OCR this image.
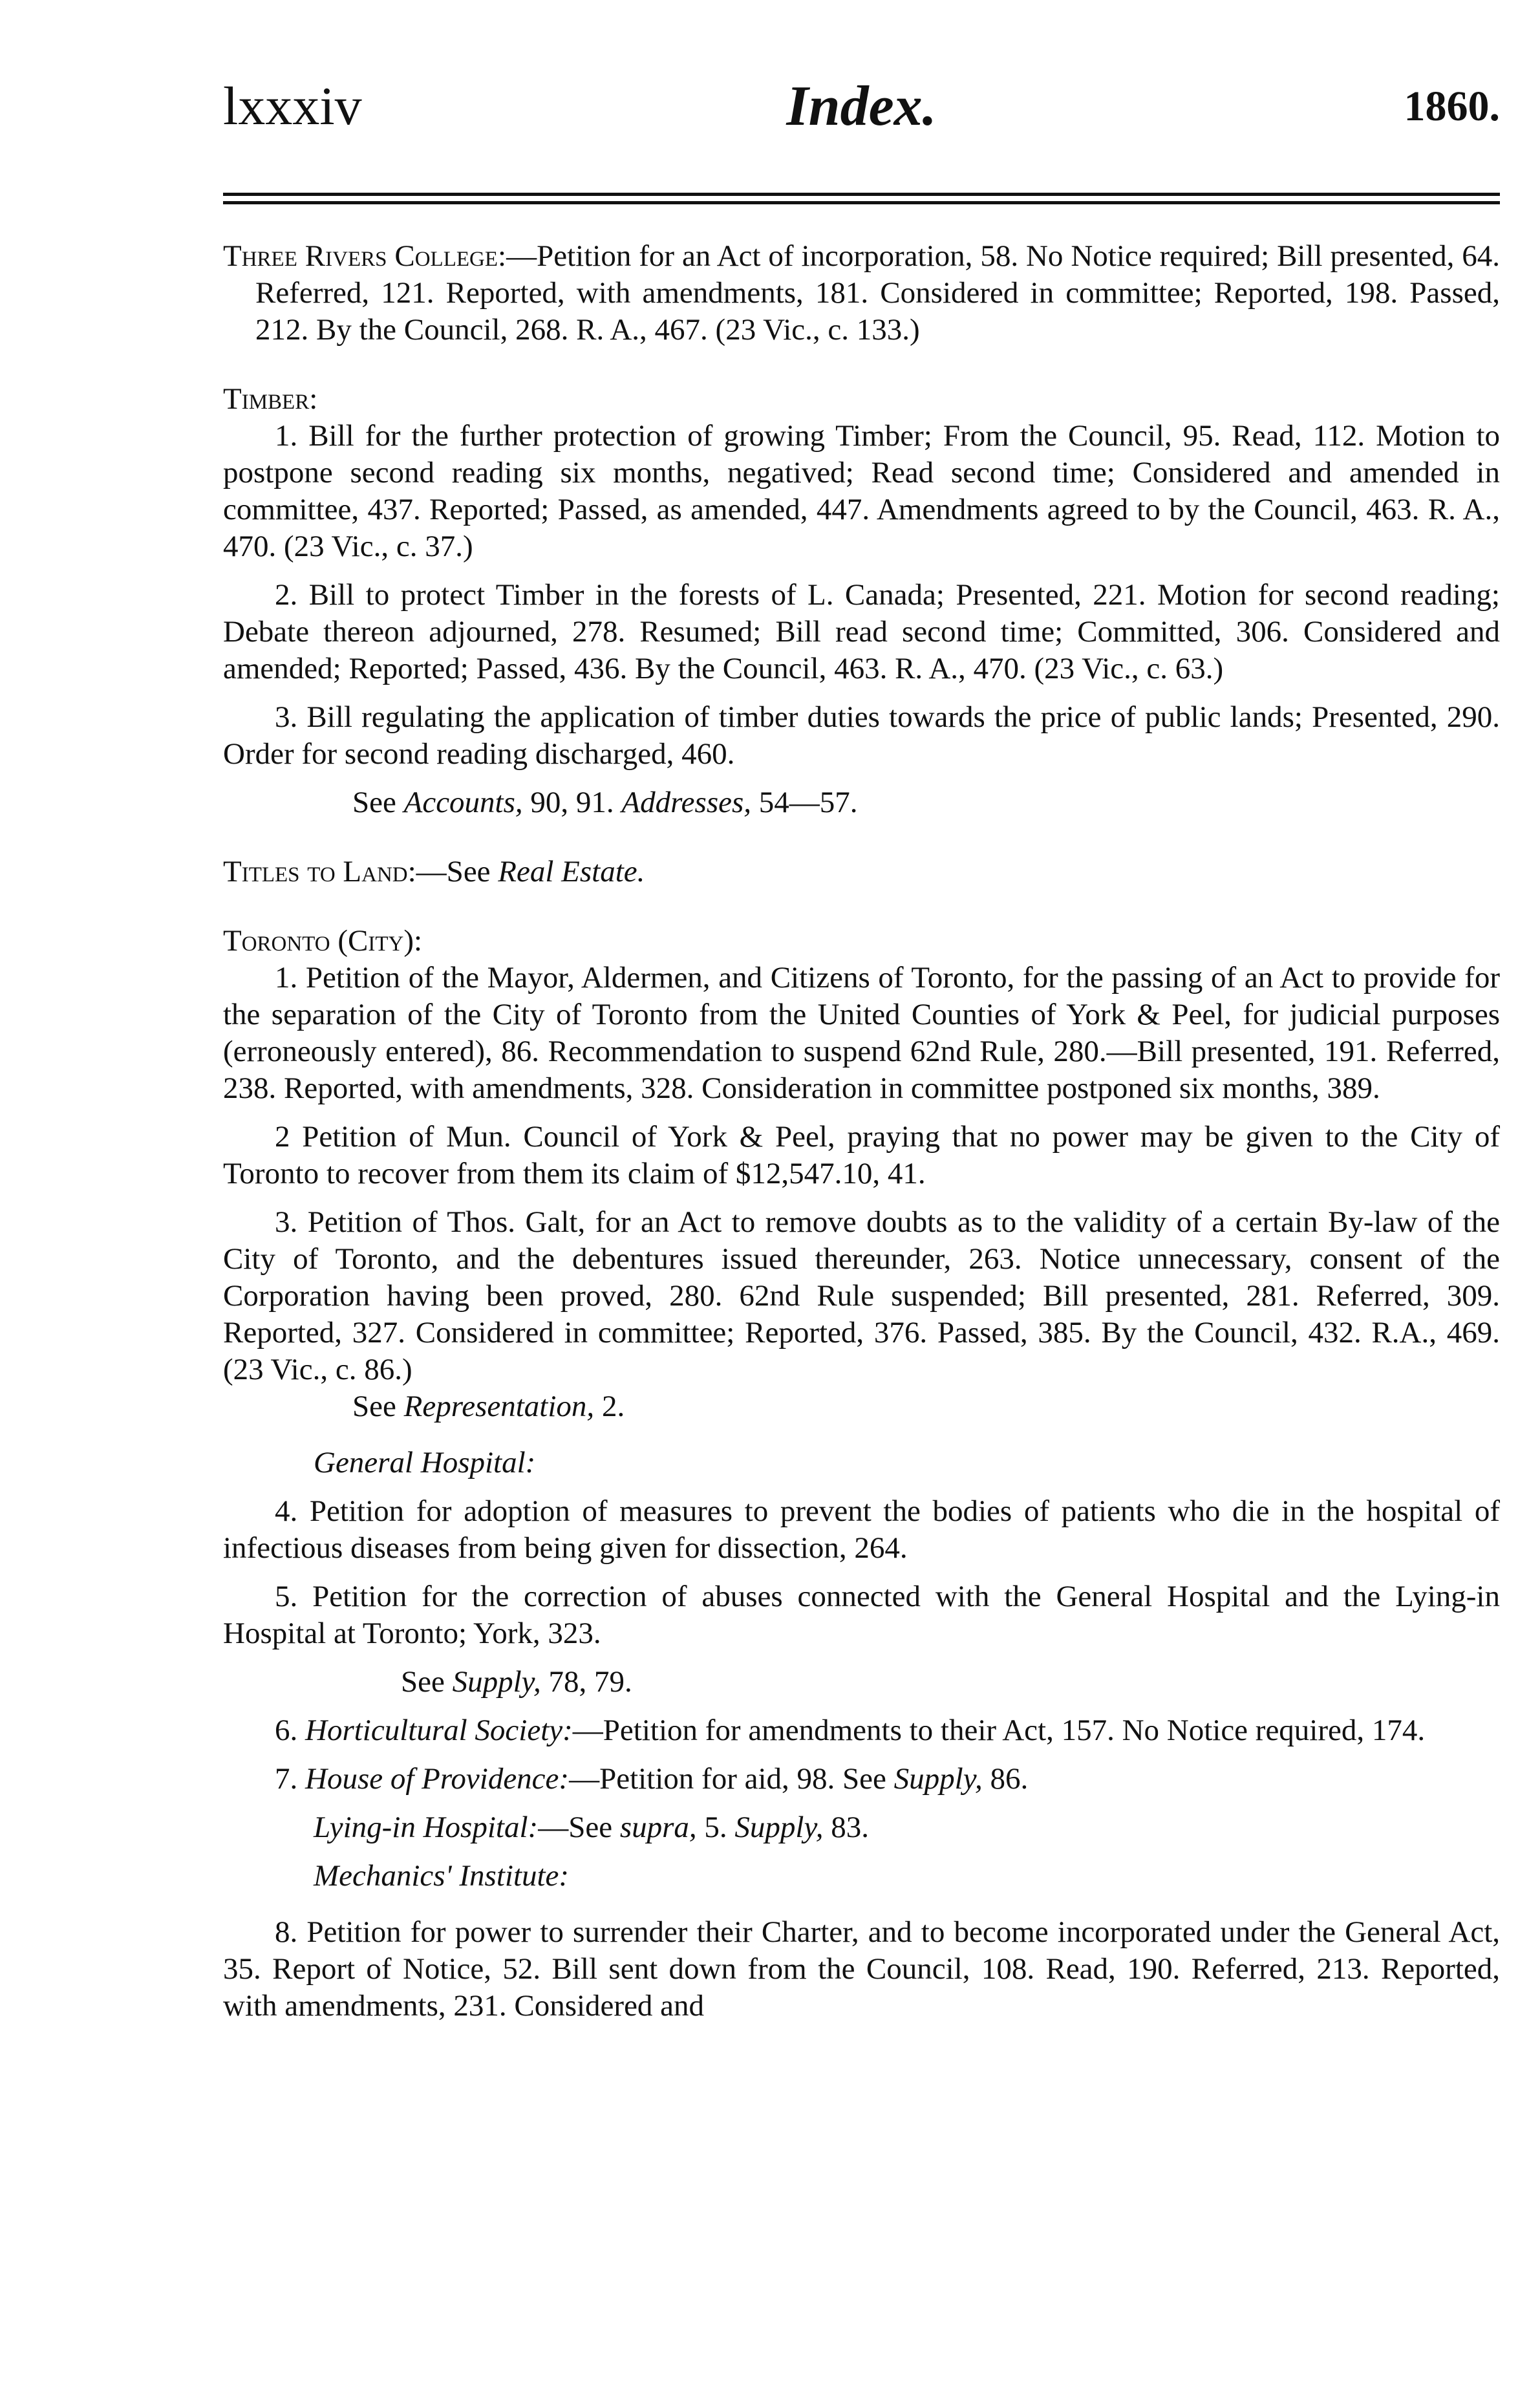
lxxxiv	Index.	1860.

Three Rivers College:—Petition for an Act of incorporation, 58. No Notice required; Bill presented, 64. Referred, 121. Reported, with amendments, 181. Considered in committee; Reported, 198. Passed, 212. By the Council, 268. R. A., 467. (23 Vic., c. 133.)

Timber:

1. Bill for the further protection of growing Timber; From the Council, 95. Read, 112. Motion to postpone second reading six months, negatived; Read second time; Considered and amended in committee, 437. Reported; Passed, as amended, 447. Amendments agreed to by the Council, 463. R. A., 470. (23 Vic., c. 37.)

2. Bill to protect Timber in the forests of L. Canada; Presented, 221. Motion for second reading; Debate thereon adjourned, 278. Resumed; Bill read second time; Committed, 306. Considered and amended; Reported; Passed, 436. By the Council, 463. R. A., 470. (23 Vic., c. 63.)

3. Bill regulating the application of timber duties towards the price of public lands; Presented, 290. Order for second reading discharged, 460.

See Accounts, 90, 91. Addresses, 54—57.

Titles to Land:—See Real Estate.

Toronto (City):

1. Petition of the Mayor, Aldermen, and Citizens of Toronto, for the passing of an Act to provide for the separation of the City of Toronto from the United Counties of York & Peel, for judicial purposes (erroneously entered), 86. Recommendation to suspend 62nd Rule, 280.—Bill presented, 191. Referred, 238. Reported, with amendments, 328. Consideration in committee postponed six months, 389.

2 Petition of Mun. Council of York & Peel, praying that no power may be given to the City of Toronto to recover from them its claim of $12,547.10, 41.

3. Petition of Thos. Galt, for an Act to remove doubts as to the validity of a certain By-law of the City of Toronto, and the debentures issued thereunder, 263. Notice unnecessary, consent of the Corporation having been proved, 280. 62nd Rule suspended; Bill presented, 281. Referred, 309. Reported, 327. Considered in committee; Reported, 376. Passed, 385. By the Council, 432. R.A., 469. (23 Vic., c. 86.)

See Representation, 2.

General Hospital:

4. Petition for adoption of measures to prevent the bodies of patients who die in the hospital of infectious diseases from being given for dissection, 264.

5. Petition for the correction of abuses connected with the General Hospital and the Lying-in Hospital at Toronto; York, 323.

See Supply, 78, 79.

6. Horticultural Society:—Petition for amendments to their Act, 157. No Notice required, 174.

7. House of Providence:—Petition for aid, 98. See Supply, 86.

Lying-in Hospital:—See supra, 5. Supply, 83.

Mechanics' Institute:

8. Petition for power to surrender their Charter, and to become incorporated under the General Act, 35. Report of Notice, 52. Bill sent down from the Council, 108. Read, 190. Referred, 213. Reported, with amendments, 231. Considered and
